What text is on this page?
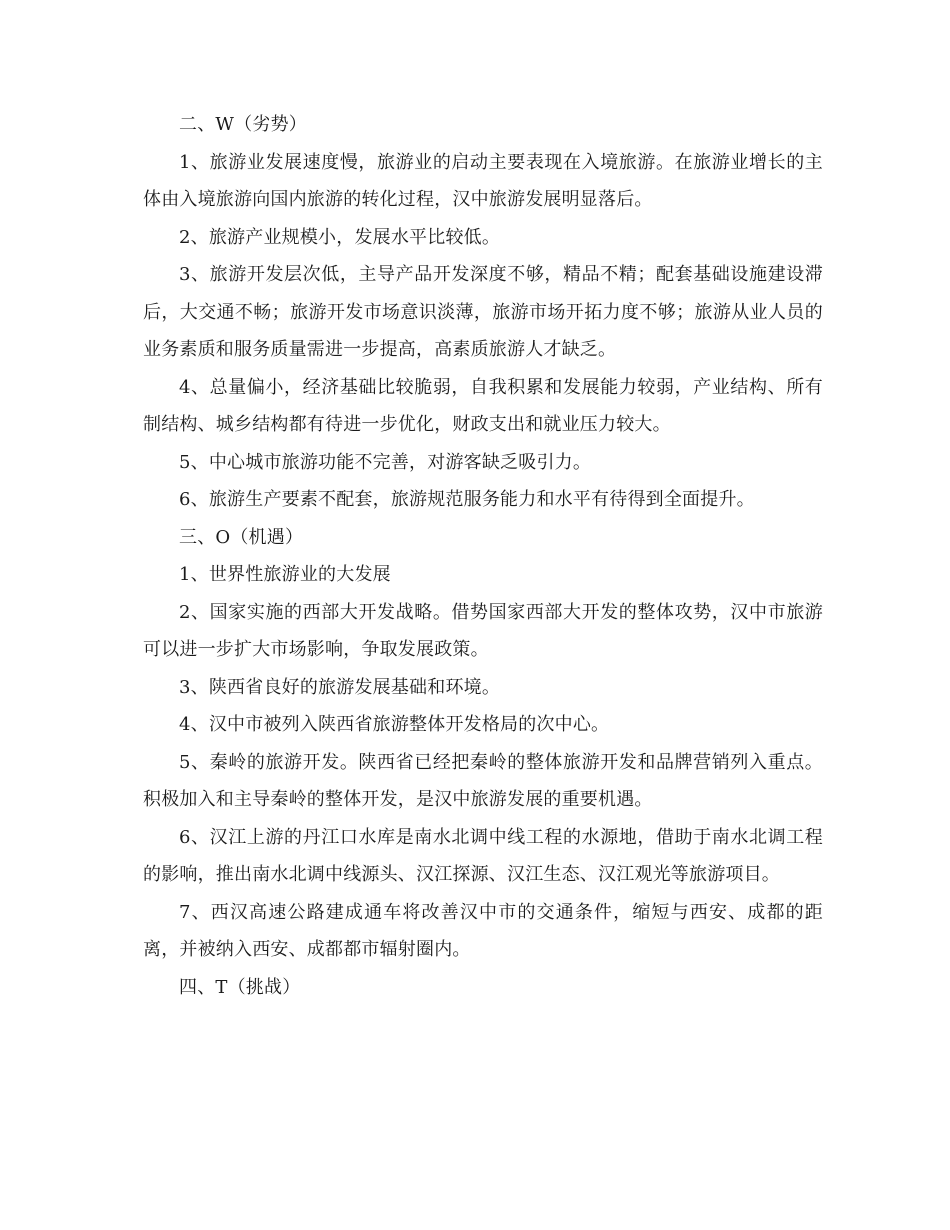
二、W（劣势）

1、旅游业发展速度慢，旅游业的启动主要表现在入境旅游。在旅游业增长的主体由入境旅游向国内旅游的转化过程，汉中旅游发展明显落后。

2、旅游产业规模小，发展水平比较低。

3、旅游开发层次低，主导产品开发深度不够，精品不精；配套基础设施建设滞后，大交通不畅；旅游开发市场意识淡薄，旅游市场开拓力度不够；旅游从业人员的业务素质和服务质量需进一步提高，高素质旅游人才缺乏。

4、总量偏小，经济基础比较脆弱，自我积累和发展能力较弱，产业结构、所有制结构、城乡结构都有待进一步优化，财政支出和就业压力较大。

5、中心城市旅游功能不完善，对游客缺乏吸引力。

6、旅游生产要素不配套，旅游规范服务能力和水平有待得到全面提升。

三、O（机遇）

1、世界性旅游业的大发展

2、国家实施的西部大开发战略。借势国家西部大开发的整体攻势，汉中市旅游可以进一步扩大市场影响，争取发展政策。

3、陕西省良好的旅游发展基础和环境。

4、汉中市被列入陕西省旅游整体开发格局的次中心。

5、秦岭的旅游开发。陕西省已经把秦岭的整体旅游开发和品牌营销列入重点。积极加入和主导秦岭的整体开发，是汉中旅游发展的重要机遇。

6、汉江上游的丹江口水库是南水北调中线工程的水源地，借助于南水北调工程的影响，推出南水北调中线源头、汉江探源、汉江生态、汉江观光等旅游项目。

7、西汉高速公路建成通车将改善汉中市的交通条件，缩短与西安、成都的距离，并被纳入西安、成都都市辐射圈内。

四、T（挑战）
